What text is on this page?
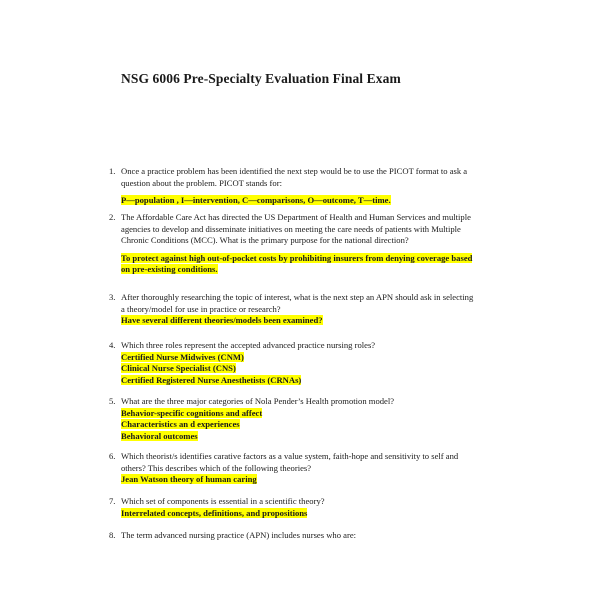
NSG 6006 Pre-Specialty Evaluation Final Exam
1. Once a practice problem has been identified the next step would be to use the PICOT format to ask a question about the problem. PICOT stands for:
P—population , I—intervention, C—comparisons, O—outcome, T—time.
2. The Affordable Care Act has directed the US Department of Health and Human Services and multiple agencies to develop and disseminate initiatives on meeting the care needs of patients with Multiple Chronic Conditions (MCC). What is the primary purpose for the national direction?
To protect against high out-of-pocket costs by prohibiting insurers from denying coverage based on pre-existing conditions.
3. After thoroughly researching the topic of interest, what is the next step an APN should ask in selecting a theory/model for use in practice or research?
Have several different theories/models been examined?
4. Which three roles represent the accepted advanced practice nursing roles?
Certified Nurse Midwives (CNM)
Clinical Nurse Specialist (CNS)
Certified Registered Nurse Anesthetists (CRNAs)
5. What are the three major categories of Nola Pender’s Health promotion model?
Behavior-specific cognitions and affect
Characteristics an d experiences
Behavioral outcomes
6. Which theorist/s identifies carative factors as a value system, faith-hope and sensitivity to self and others? This describes which of the following theories?
Jean Watson theory of human caring
7. Which set of components is essential in a scientific theory?
Interrelated concepts, definitions, and propositions
8. The term advanced nursing practice (APN) includes nurses who are:
